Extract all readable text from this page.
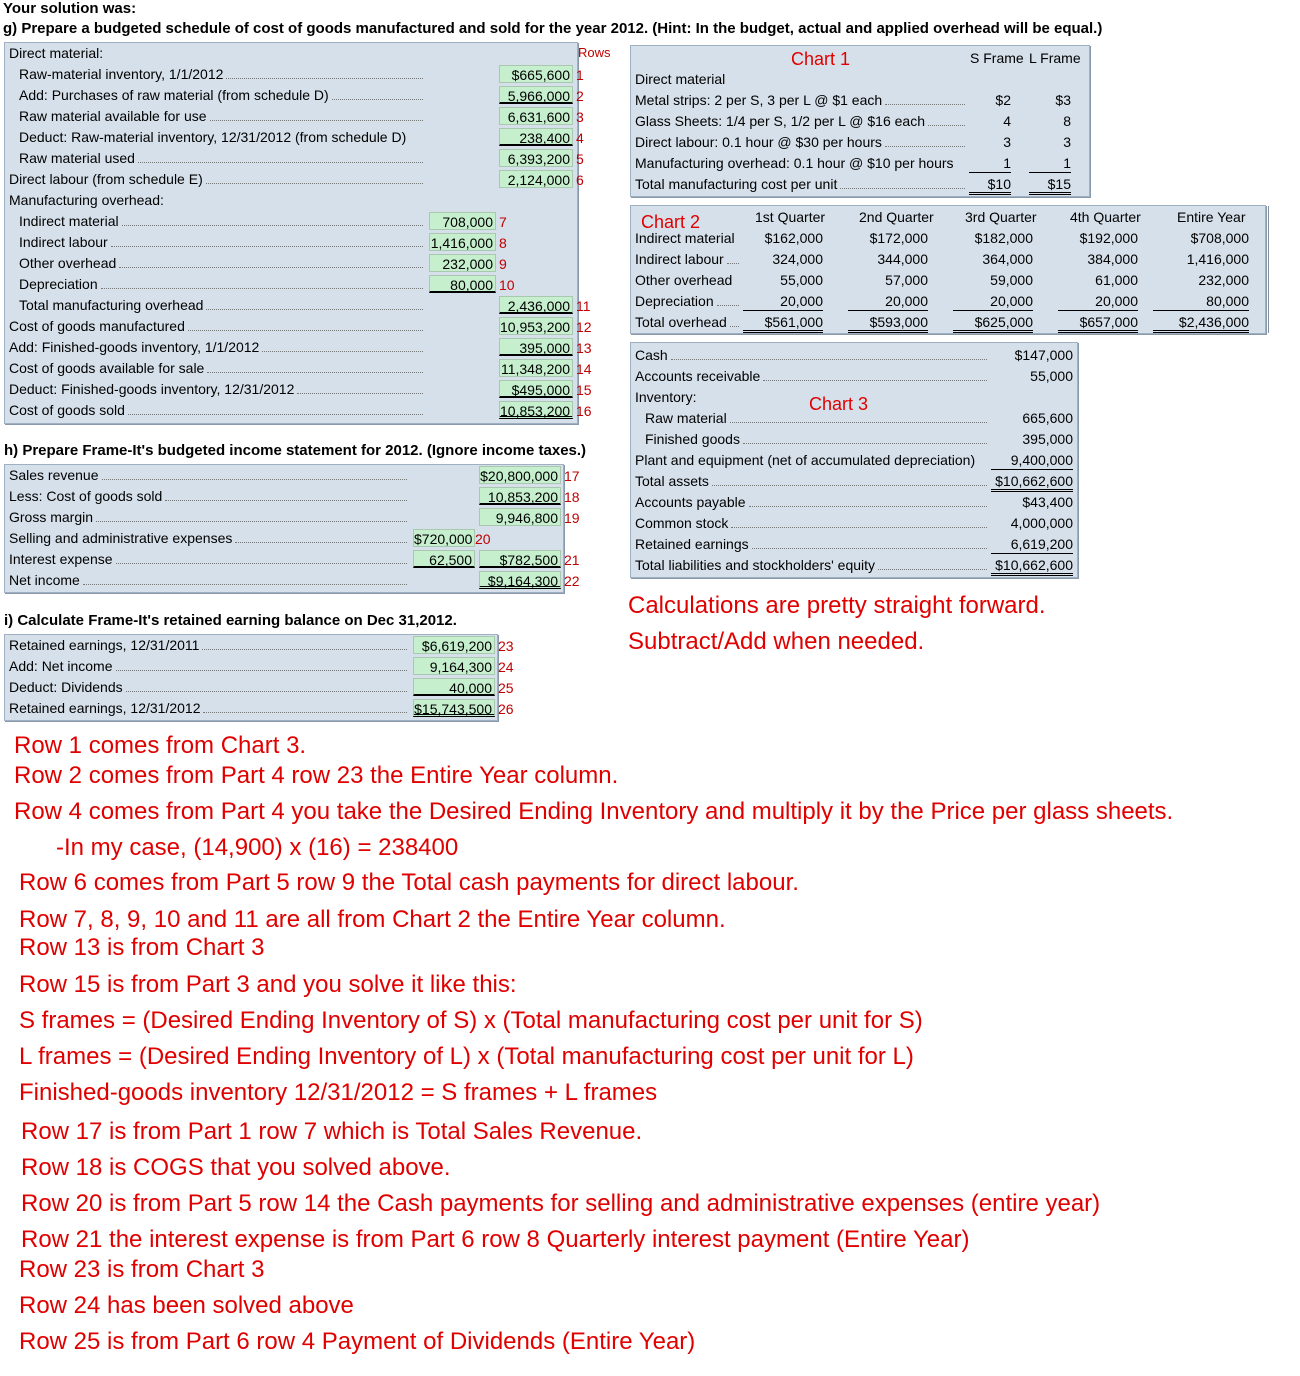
Your solution was:
g) Prepare a budgeted schedule of cost of goods manufactured and sold for the year 2012. (Hint: In the budget, actual and applied overhead will be equal.)
Rows
Direct material:
Raw-material inventory, 1/1/2012	$665,600 1
Add: Purchases of raw material (from schedule D)	5,966,000 2
Raw material available for use	6,631,600 3
Deduct: Raw-material inventory, 12/31/2012 (from schedule D)	238,400 4
Raw material used	6,393,200 5
Direct labour (from schedule E)	2,124,000 6
Manufacturing overhead:
Indirect material	708,000 7
Indirect labour	1,416,000 8
Other overhead	232,000 9
Depreciation	80,000 10
Total manufacturing overhead	2,436,000 11
Cost of goods manufactured	10,953,200 12
Add: Finished-goods inventory, 1/1/2012	395,000 13
Cost of goods available for sale	11,348,200 14
Deduct: Finished-goods inventory, 12/31/2012	$495,000 15
Cost of goods sold	10,853,200 16
h) Prepare Frame-It's budgeted income statement for 2012. (Ignore income taxes.)
Sales revenue	$20,800,000 17
Less: Cost of goods sold	10,853,200 18
Gross margin	9,946,800 19
Selling and administrative expenses	$720,000 20
Interest expense	62,500	$782,500 21
Net income	$9,164,300 22
i) Calculate Frame-It's retained earning balance on Dec 31,2012.
Retained earnings, 12/31/2011	$6,619,200 23
Add: Net income	9,164,300 24
Deduct: Dividends	40,000 25
Retained earnings, 12/31/2012	$15,743,500 26
Chart 1	S Frame L Frame
Direct material
Metal strips: 2 per S, 3 per L @ $1 each	$2	$3
Glass Sheets: 1/4 per S, 1/2 per L @ $16 each	4	8
Direct labour: 0.1 hour @ $30 per hours	3	3
Manufacturing overhead: 0.1 hour @ $10 per hours	1	1
Total manufacturing cost per unit	$10	$15
Chart 2	1st Quarter 2nd Quarter 3rd Quarter 4th Quarter	Entire Year
Indirect material	$162,000	$172,000	$182,000	$192,000	$708,000
Indirect labour	324,000	344,000	364,000	384,000	1,416,000
Other overhead	55,000	57,000	59,000	61,000	232,000
Depreciation	20,000	20,000	20,000	20,000	80,000
Total overhead	$561,000	$593,000	$625,000	$657,000	$2,436,000
Chart 3
Cash	$147,000
Accounts receivable	55,000
Inventory:
Raw material	665,600
Finished goods	395,000
Plant and equipment (net of accumulated depreciation)	9,400,000
Total assets	$10,662,600
Accounts payable	$43,400
Common stock	4,000,000
Retained earnings	6,619,200
Total liabilities and stockholders' equity	$10,662,600
Calculations are pretty straight forward.
Subtract/Add when needed.
Row 1 comes from Chart 3.
Row 2 comes from Part 4 row 23 the Entire Year column.
Row 4 comes from Part 4 you take the Desired Ending Inventory and multiply it by the Price per glass sheets.
-In my case, (14,900) x (16) = 238400
Row 6 comes from Part 5 row 9 the Total cash payments for direct labour.
Row 7, 8, 9, 10 and 11 are all from Chart 2 the Entire Year column.
Row 13 is from Chart 3
Row 15 is from Part 3 and you solve it like this:
S frames = (Desired Ending Inventory of S) x (Total manufacturing cost per unit for S)
L frames = (Desired Ending Inventory of L) x (Total manufacturing cost per unit for L)
Finished-goods inventory 12/31/2012 = S frames + L frames
Row 17 is from Part 1 row 7 which is Total Sales Revenue.
Row 18 is COGS that you solved above.
Row 20 is from Part 5 row 14 the Cash payments for selling and administrative expenses (entire year)
Row 21 the interest expense is from Part 6 row 8 Quarterly interest payment (Entire Year)
Row 23 is from Chart 3
Row 24 has been solved above
Row 25 is from Part 6 row 4 Payment of Dividends (Entire Year)
